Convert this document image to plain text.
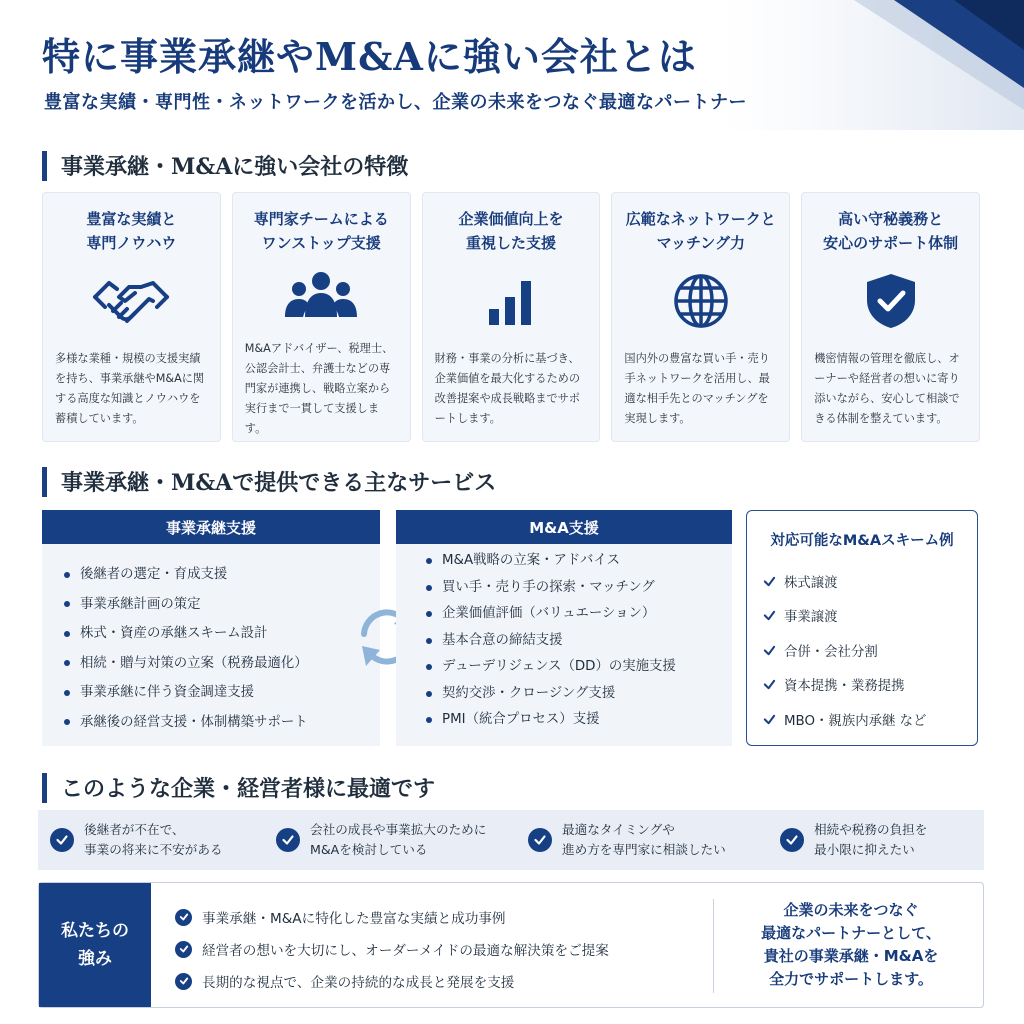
特に事業承継やM&Aに強い会社とは
豊富な実績・専門性・ネットワークを活かし、企業の未来をつなぐ最適なパートナー
事業承継・M&Aに強い会社の特徴
豊富な実績と
専門ノウハウ
多様な業種・規模の支援実績を持ち、事業承継やM&Aに関する高度な知識とノウハウを蓄積しています。
専門家チームによる
ワンストップ支援
M&Aアドバイザー、税理士、公認会計士、弁護士などの専門家が連携し、戦略立案から実行まで一貫して支援します。
企業価値向上を
重視した支援
財務・事業の分析に基づき、企業価値を最大化するための改善提案や成長戦略までサポートします。
広範なネットワークと
マッチング力
国内外の豊富な買い手・売り手ネットワークを活用し、最適な相手先とのマッチングを実現します。
高い守秘義務と
安心のサポート体制
機密情報の管理を徹底し、オーナーや経営者の想いに寄り添いながら、安心して相談できる体制を整えています。
事業承継・M&Aで提供できる主なサービス
事業承継支援
後継者の選定・育成支援
事業承継計画の策定
株式・資産の承継スキーム設計
相続・贈与対策の立案（税務最適化）
事業承継に伴う資金調達支援
承継後の経営支援・体制構築サポート
M&A支援
M&A戦略の立案・アドバイス
買い手・売り手の探索・マッチング
企業価値評価（バリュエーション）
基本合意の締結支援
デューデリジェンス（DD）の実施支援
契約交渉・クロージング支援
PMI（統合プロセス）支援
対応可能なM&Aスキーム例
株式譲渡
事業譲渡
合併・会社分割
資本提携・業務提携
MBO・親族内承継 など
このような企業・経営者様に最適です
後継者が不在で、
事業の将来に不安がある
会社の成長や事業拡大のために
M&Aを検討している
最適なタイミングや
進め方を専門家に相談したい
相続や税務の負担を
最小限に抑えたい
私たちの
強み
事業承継・M&Aに特化した豊富な実績と成功事例
経営者の想いを大切にし、オーダーメイドの最適な解決策をご提案
長期的な視点で、企業の持続的な成長と発展を支援
企業の未来をつなぐ
最適なパートナーとして、
貴社の事業承継・M&Aを
全力でサポートします。
